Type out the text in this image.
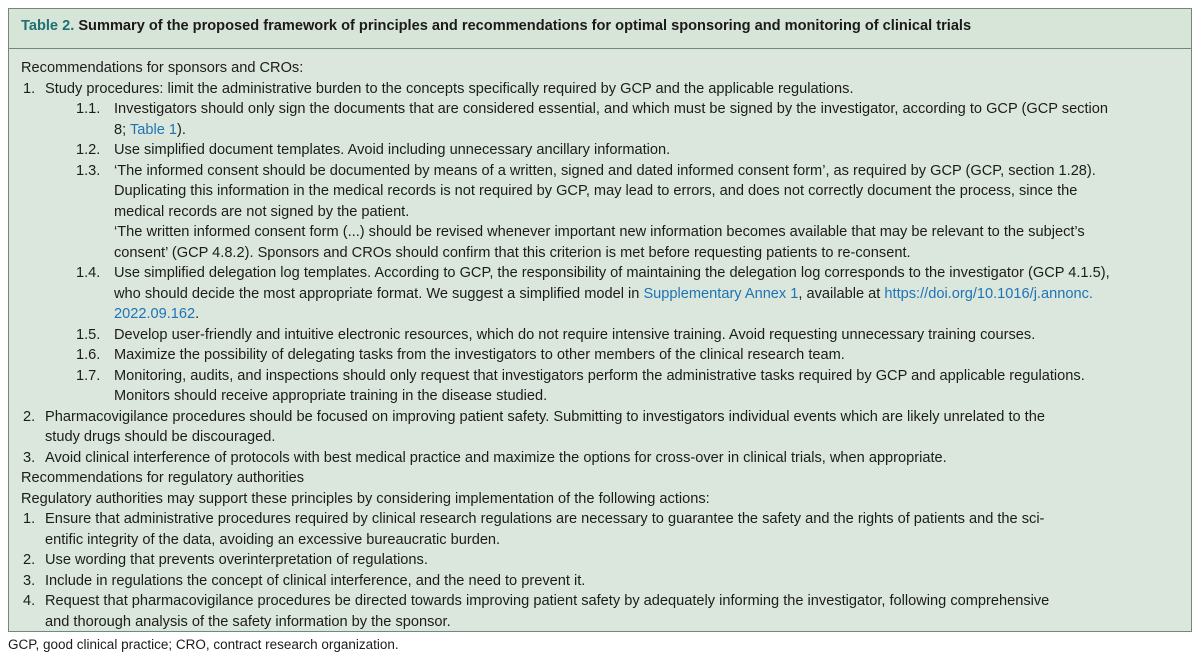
Table 2. Summary of the proposed framework of principles and recommendations for optimal sponsoring and monitoring of clinical trials
Recommendations for sponsors and CROs:
1. Study procedures: limit the administrative burden to the concepts specifically required by GCP and the applicable regulations.
1.1. Investigators should only sign the documents that are considered essential, and which must be signed by the investigator, according to GCP (GCP section
8; Table 1).
1.2. Use simplified document templates. Avoid including unnecessary ancillary information.
1.3. ‘The informed consent should be documented by means of a written, signed and dated informed consent form’, as required by GCP (GCP, section 1.28).
Duplicating this information in the medical records is not required by GCP, may lead to errors, and does not correctly document the process, since the
medical records are not signed by the patient.
‘The written informed consent form (...) should be revised whenever important new information becomes available that may be relevant to the subject’s
consent’ (GCP 4.8.2). Sponsors and CROs should confirm that this criterion is met before requesting patients to re-consent.
1.4. Use simplified delegation log templates. According to GCP, the responsibility of maintaining the delegation log corresponds to the investigator (GCP 4.1.5),
who should decide the most appropriate format. We suggest a simplified model in Supplementary Annex 1, available at https://doi.org/10.1016/j.annonc.
2022.09.162.
1.5. Develop user-friendly and intuitive electronic resources, which do not require intensive training. Avoid requesting unnecessary training courses.
1.6. Maximize the possibility of delegating tasks from the investigators to other members of the clinical research team.
1.7. Monitoring, audits, and inspections should only request that investigators perform the administrative tasks required by GCP and applicable regulations.
Monitors should receive appropriate training in the disease studied.
2. Pharmacovigilance procedures should be focused on improving patient safety. Submitting to investigators individual events which are likely unrelated to the
study drugs should be discouraged.
3. Avoid clinical interference of protocols with best medical practice and maximize the options for cross-over in clinical trials, when appropriate.
Recommendations for regulatory authorities
Regulatory authorities may support these principles by considering implementation of the following actions:
1. Ensure that administrative procedures required by clinical research regulations are necessary to guarantee the safety and the rights of patients and the sci-
entific integrity of the data, avoiding an excessive bureaucratic burden.
2. Use wording that prevents overinterpretation of regulations.
3. Include in regulations the concept of clinical interference, and the need to prevent it.
4. Request that pharmacovigilance procedures be directed towards improving patient safety by adequately informing the investigator, following comprehensive
and thorough analysis of the safety information by the sponsor.
GCP, good clinical practice; CRO, contract research organization.
